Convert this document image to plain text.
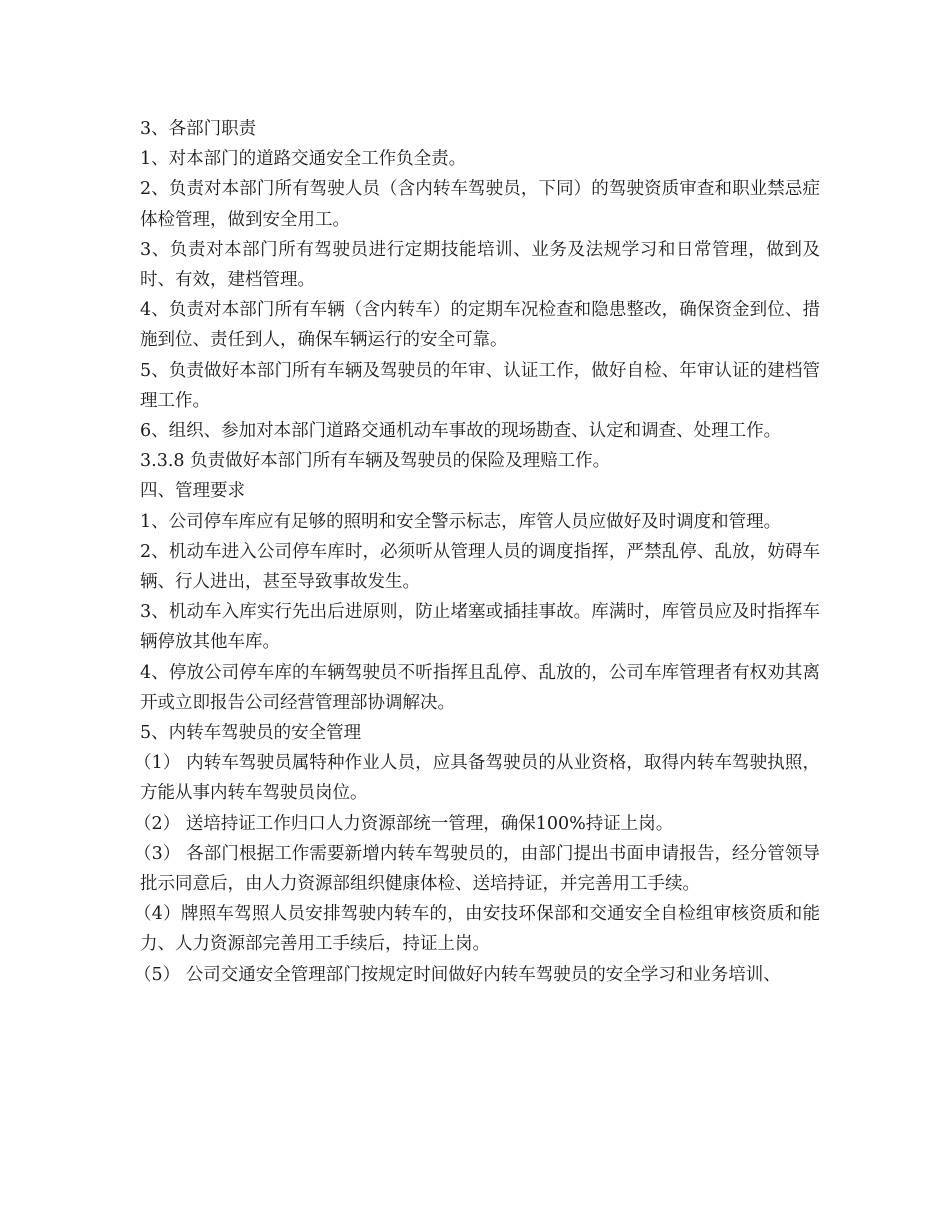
3、各部门职责

1、对本部门的道路交通安全工作负全责。

2、负责对本部门所有驾驶人员（含内转车驾驶员，下同）的驾驶资质审查和职业禁忌症体检管理，做到安全用工。

3、负责对本部门所有驾驶员进行定期技能培训、业务及法规学习和日常管理，做到及时、有效，建档管理。

4、负责对本部门所有车辆（含内转车）的定期车况检查和隐患整改，确保资金到位、措施到位、责任到人，确保车辆运行的安全可靠。

5、负责做好本部门所有车辆及驾驶员的年审、认证工作，做好自检、年审认证的建档管理工作。

6、组织、参加对本部门道路交通机动车事故的现场勘查、认定和调查、处理工作。

3.3.8 负责做好本部门所有车辆及驾驶员的保险及理赔工作。

四、管理要求

1、公司停车库应有足够的照明和安全警示标志，库管人员应做好及时调度和管理。

2、机动车进入公司停车库时，必须听从管理人员的调度指挥，严禁乱停、乱放，妨碍车辆、行人进出，甚至导致事故发生。

3、机动车入库实行先出后进原则，防止堵塞或插挂事故。库满时，库管员应及时指挥车辆停放其他车库。

4、停放公司停车库的车辆驾驶员不听指挥且乱停、乱放的，公司车库管理者有权劝其离开或立即报告公司经营管理部协调解决。

5、内转车驾驶员的安全管理

（1） 内转车驾驶员属特种作业人员，应具备驾驶员的从业资格，取得内转车驾驶执照，方能从事内转车驾驶员岗位。

（2） 送培持证工作归口人力资源部统一管理，确保100%持证上岗。

（3） 各部门根据工作需要新增内转车驾驶员的，由部门提出书面申请报告，经分管领导批示同意后，由人力资源部组织健康体检、送培持证，并完善用工手续。

（4）牌照车驾照人员安排驾驶内转车的，由安技环保部和交通安全自检组审核资质和能力、人力资源部完善用工手续后，持证上岗。

（5） 公司交通安全管理部门按规定时间做好内转车驾驶员的安全学习和业务培训、
